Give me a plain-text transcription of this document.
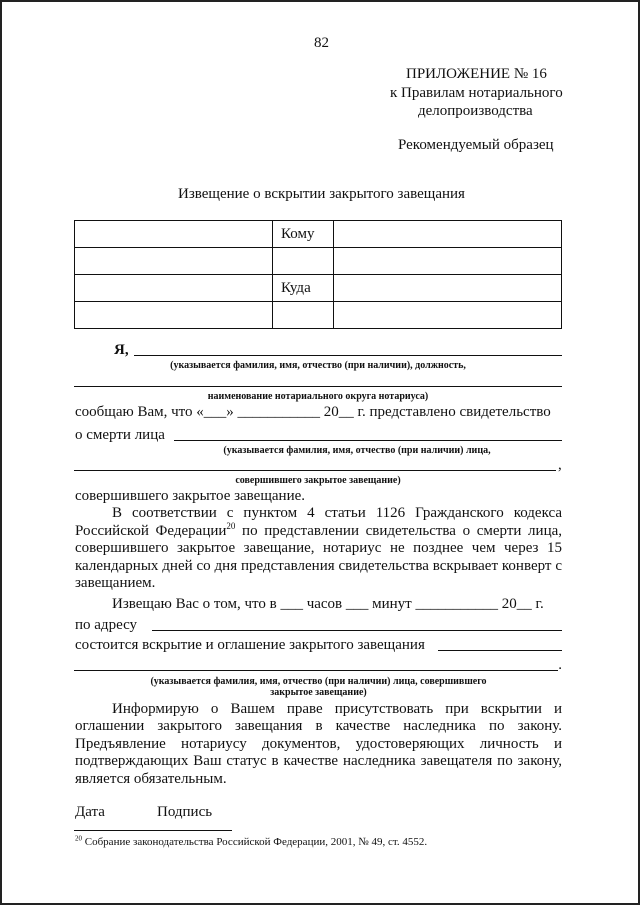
82
ПРИЛОЖЕНИЕ № 16
к Правилам нотариального
делопроизводства
Рекомендуемый образец
Извещение о вскрытии закрытого завещания
	Кому	

	Куда	

Я,
(указывается фамилия, имя, отчество (при наличии), должность,
наименование нотариального округа нотариуса)
сообщаю Вам, что «___» ___________ 20__ г. представлено свидетельство
о смерти лица
(указывается фамилия, имя, отчество (при наличии) лица,
,
совершившего закрытое завещание)
совершившего закрытое завещание.
В соответствии с пунктом 4 статьи 1126 Гражданского кодекса Российской Федерации$^{20}$ по представлении свидетельства о смерти лица, совершившего закрытое завещание, нотариус не позднее чем через 15 календарных дней со дня представления свидетельства вскрывает конверт с завещанием.
Извещаю Вас о том, что в ___ часов ___ минут ___________ 20__ г.
по адресу
состоится вскрытие и оглашение закрытого завещания
.
(указывается фамилия, имя, отчество (при наличии) лица, совершившего
закрытое завещание)
Информирую о Вашем праве присутствовать при вскрытии и оглашении закрытого завещания в качестве наследника по закону. Предъявление нотариусу документов, удостоверяющих личность и подтверждающих Ваш статус в качестве наследника завещателя по закону, является обязательным.
Дата	Подпись
$^{20}$ Собрание законодательства Российской Федерации, 2001, № 49, ст. 4552.
